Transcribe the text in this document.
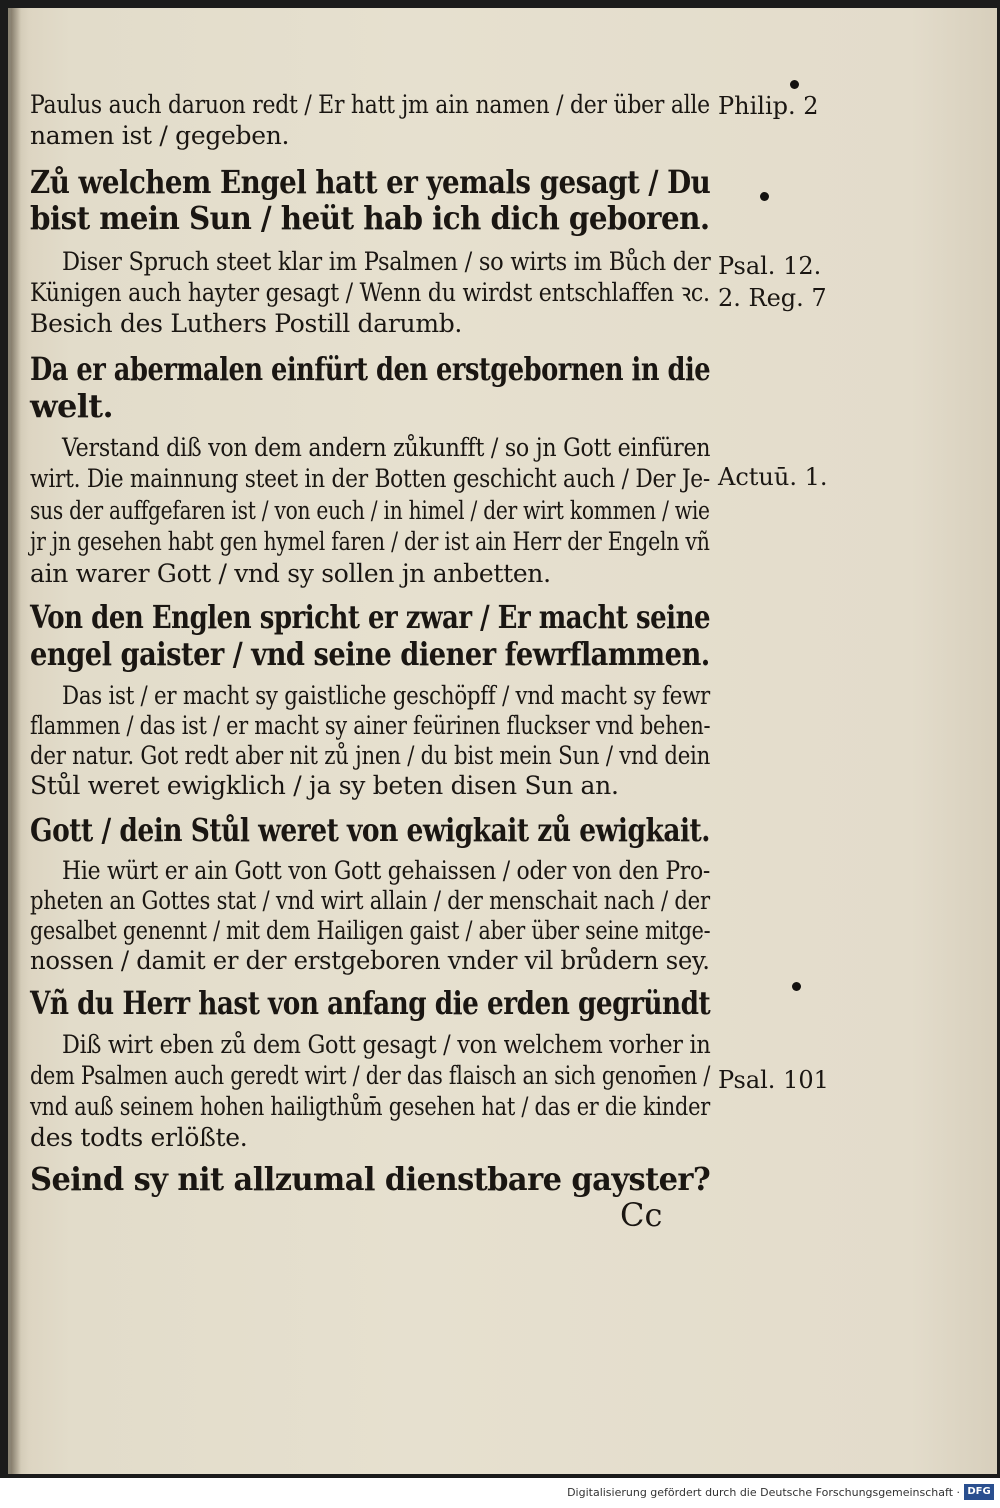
Paulus auch daruon redt / Er hatt jm ain namen / der über alle
namen ist / gegeben.
Zů welchem Engel hatt er yemals gesagt / Du
bist mein Sun / heüt hab ich dich geboren.
Diser Spruch steet klar im Psalmen / so wirts im Bůch der
Künigen auch hayter gesagt / Wenn du wirdst entschlaffen ꝛc.
Besich des Luthers Postill darumb.
Da er abermalen einfürt den erstgebornen in die
welt.
Verstand diß von dem andern zůkunfft / so jn Gott einfüren
wirt. Die mainnung steet in der Botten geschicht auch / Der Je-
sus der auffgefaren ist / von euch / in himel / der wirt kommen / wie
jr jn gesehen habt gen hymel faren / der ist ain Herr der Engeln vñ
ain warer Gott / vnd sy sollen jn anbetten.
Von den Englen spricht er zwar / Er macht seine
engel gaister / vnd seine diener fewrflammen.
Das ist / er macht sy gaistliche geschöpff / vnd macht sy fewr
flammen / das ist / er macht sy ainer feürinen fluckser vnd behen-
der natur. Got redt aber nit zů jnen / du bist mein Sun / vnd dein
Stůl weret ewigklich / ja sy beten disen Sun an.
Gott / dein Stůl weret von ewigkait zů ewigkait.
Hie würt er ain Gott von Gott gehaissen / oder von den Pro-
pheten an Gottes stat / vnd wirt allain / der menschait nach / der
gesalbet genennt / mit dem Hailigen gaist / aber über seine mitge-
nossen / damit er der erstgeboren vnder vil brůdern sey.
Vñ du Herr hast von anfang die erden gegründt
Diß wirt eben zů dem Gott gesagt / von welchem vorher in
dem Psalmen auch geredt wirt / der das flaisch an sich genom̄en /
vnd auß seinem hohen hailigthům̄ gesehen hat / das er die kinder
des todts erlößte.
Seind sy nit allzumal dienstbare gayster?
Philip. 2
Psal. 12.
2. Reg. 7
Actuū. 1.
Psal. 101
Cc
Digitalisierung gefördert durch die Deutsche Forschungsgemeinschaft · DFG
